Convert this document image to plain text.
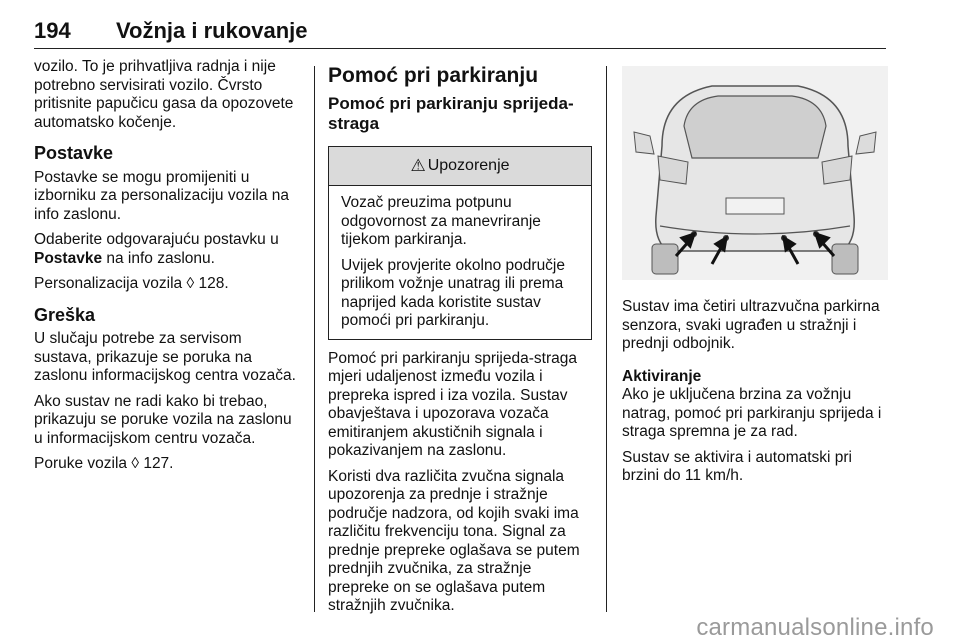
194 Vožnja i rukovanje

vozilo. To je prihvatljiva radnja i nije potrebno servisirati vozilo. Čvrsto pritisnite papučicu gasa da opozovete automatsko kočenje.

Postavke

Postavke se mogu promijeniti u izborniku za personalizaciju vozila na info zaslonu.

Odaberite odgovarajuću postavku u Postavke na info zaslonu.

Personalizacija vozila ◊ 128.

Greška

U slučaju potrebe za servisom sustava, prikazuje se poruka na zaslonu informacijskog centra vozača.

Ako sustav ne radi kako bi trebao, prikazuju se poruke vozila na zaslonu u informacijskom centru vozača.

Poruke vozila ◊ 127.

Pomoć pri parkiranju
Pomoć pri parkiranju sprijeda-straga
⚠ Upozorenje

Vozač preuzima potpunu odgovornost za manevriranje tijekom parkiranja.

Uvijek provjerite okolno područje prilikom vožnje unatrag ili prema naprijed kada koristite sustav pomoći pri parkiranju.

Pomoć pri parkiranju sprijeda-straga mjeri udaljenost između vozila i prepreka ispred i iza vozila. Sustav obavještava i upozorava vozača emitiranjem akustičnih signala i pokazivanjem na zaslonu.

Koristi dva različita zvučna signala upozorenja za prednje i stražnje područje nadzora, od kojih svaki ima različitu frekvenciju tona. Signal za prednje prepreke oglašava se putem prednjih zvučnika, za stražnje prepreke on se oglašava putem stražnjih zvučnika.

Sustav ima četiri ultrazvučna parkirna senzora, svaki ugrađen u stražnji i prednji odbojnik.

Aktiviranje

Ako je uključena brzina za vožnju natrag, pomoć pri parkiranju sprijeda i straga spremna je za rad.

Sustav se aktivira i automatski pri brzini do 11 km/h.

carmanualsonline.info
